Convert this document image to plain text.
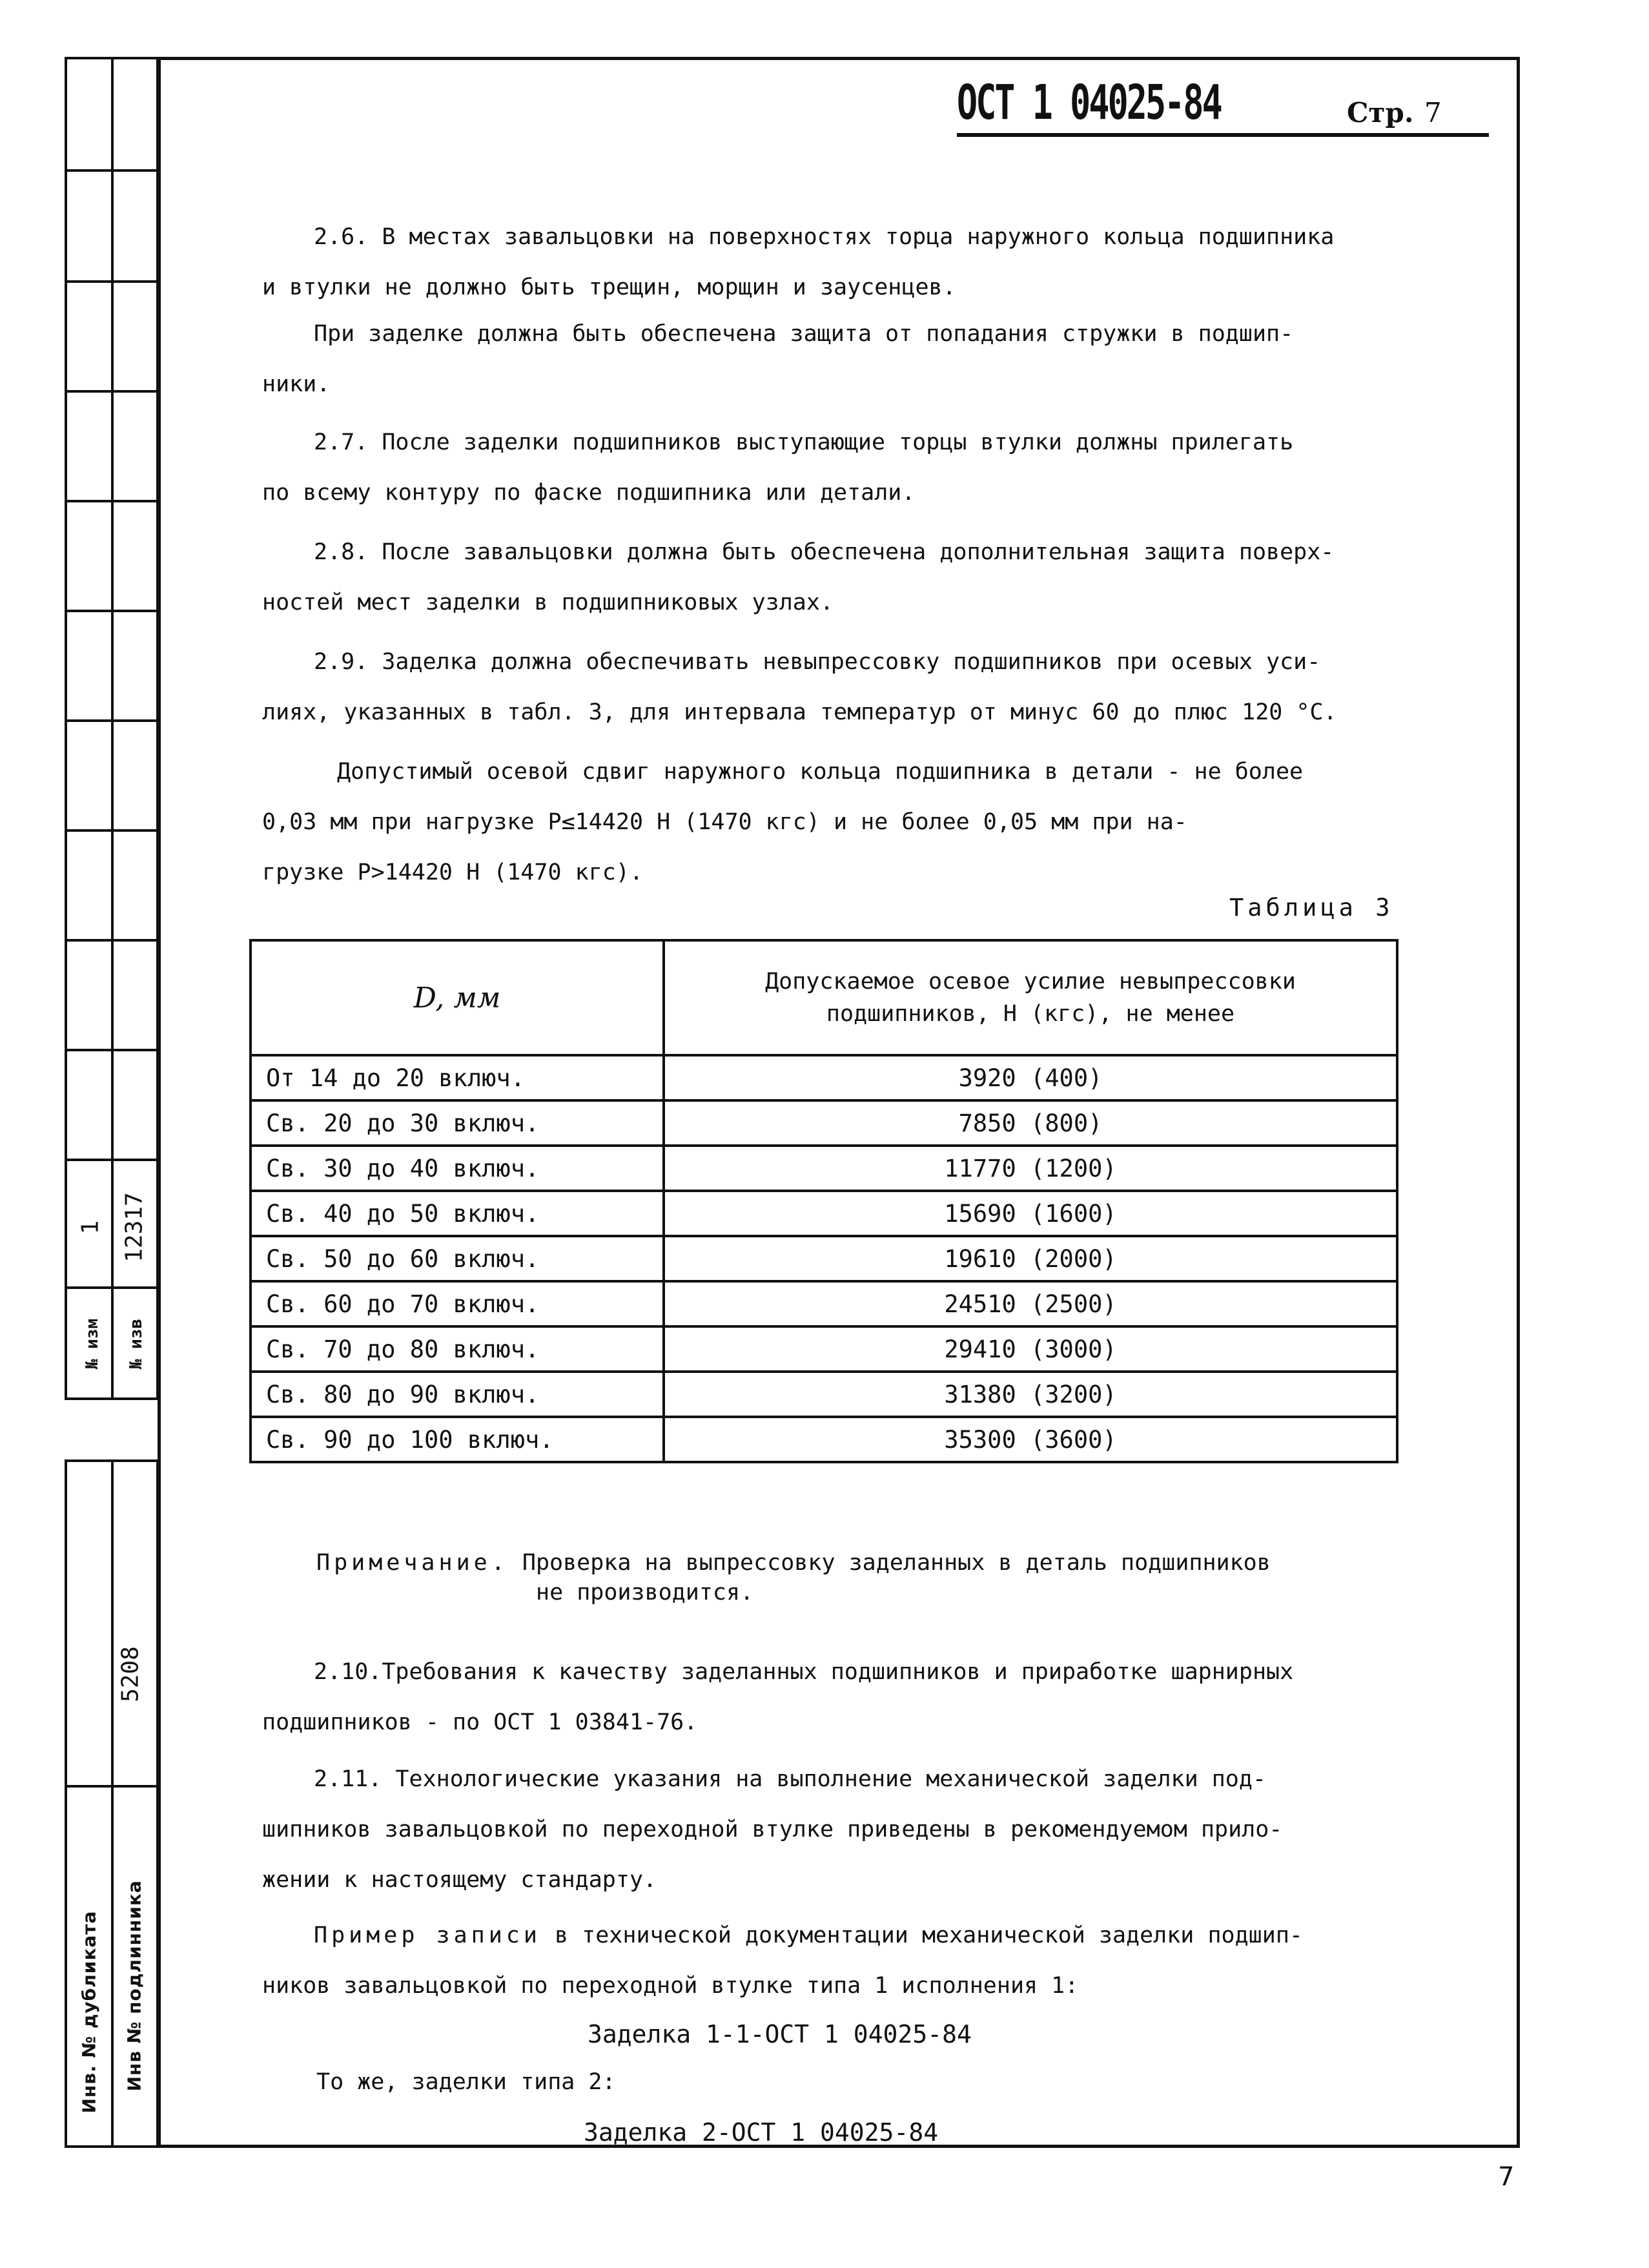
1 12317
№ изм № изв
5208
Инв. № дубликата Инв № подлинника
ОСТ 1 04025-84	Стр. 7
2.6. В местах завальцовки на поверхностях торца наружного кольца подшипника
и втулки не должно быть трещин, морщин и заусенцев.
При заделке должна быть обеспечена защита от попадания стружки в подшип-
ники.
2.7. После заделки подшипников выступающие торцы втулки должны прилегать
по всему контуру по фаске подшипника или детали.
2.8. После завальцовки должна быть обеспечена дополнительная защита поверх-
ностей мест заделки в подшипниковых узлах.
2.9. Заделка должна обеспечивать невыпрессовку подшипников при осевых уси-
лиях, указанных в табл. 3, для интервала температур от минус 60 до плюс 120 °С.
Допустимый осевой сдвиг наружного кольца подшипника в детали - не более
0,03 мм при нагрузке P≤14420 Н (1470 кгс) и не более 0,05 мм при на-
грузке P>14420 Н (1470 кгс).
Таблица 3
D, мм	Допускаемое осевое усилие невыпрессовки
подшипников, Н (кгс), не менее

От 14 до 20 включ.	3920 (400)
Св. 20 до 30 включ.	7850 (800)
Св. 30 до 40 включ.	11770 (1200)
Св. 40 до 50 включ.	15690 (1600)
Св. 50 до 60 включ.	19610 (2000)
Св. 60 до 70 включ.	24510 (2500)
Св. 70 до 80 включ.	29410 (3000)
Св. 80 до 90 включ.	31380 (3200)
Св. 90 до 100 включ.	35300 (3600)
Примечание. Проверка на выпрессовку заделанных в деталь подшипников
не производится.
2.10.Требования к качеству заделанных подшипников и приработке шарнирных
подшипников - по ОСТ 1 03841-76.
2.11. Технологические указания на выполнение механической заделки под-
шипников завальцовкой по переходной втулке приведены в рекомендуемом прило-
жении к настоящему стандарту.
Пример записи в технической документации механической заделки подшип-
ников завальцовкой по переходной втулке типа 1 исполнения 1:
Заделка 1-1-ОСТ 1 04025-84
То же, заделки типа 2:
Заделка 2-ОСТ 1 04025-84
7
